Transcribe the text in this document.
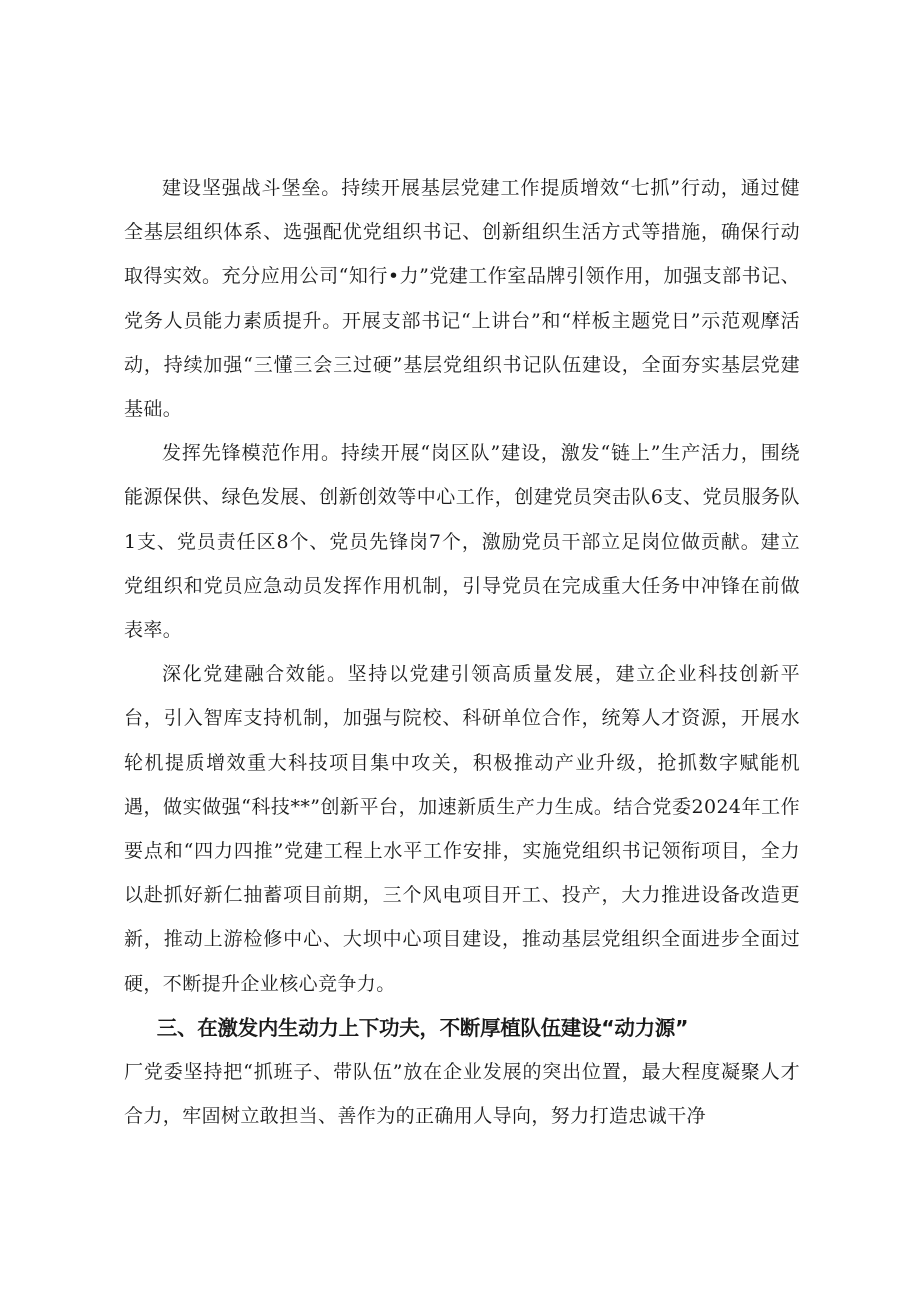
建设坚强战斗堡垒。持续开展基层党建工作提质增效“七抓”行动，通过健全基层组织体系、选强配优党组织书记、创新组织生活方式等措施，确保行动取得实效。充分应用公司“知行•力”党建工作室品牌引领作用，加强支部书记、党务人员能力素质提升。开展支部书记“上讲台”和“样板主题党日”示范观摩活动，持续加强“三懂三会三过硬”基层党组织书记队伍建设，全面夯实基层党建基础。

发挥先锋模范作用。持续开展“岗区队”建设，激发“链上”生产活力，围绕能源保供、绿色发展、创新创效等中心工作，创建党员突击队6支、党员服务队1支、党员责任区8个、党员先锋岗7个，激励党员干部立足岗位做贡献。建立党组织和党员应急动员发挥作用机制，引导党员在完成重大任务中冲锋在前做表率。

深化党建融合效能。坚持以党建引领高质量发展，建立企业科技创新平台，引入智库支持机制，加强与院校、科研单位合作，统筹人才资源，开展水轮机提质增效重大科技项目集中攻关，积极推动产业升级，抢抓数字赋能机遇，做实做强“科技**”创新平台，加速新质生产力生成。结合党委2024年工作要点和“四力四推”党建工程上水平工作安排，实施党组织书记领衔项目，全力以赴抓好新仁抽蓄项目前期，三个风电项目开工、投产，大力推进设备改造更新，推动上游检修中心、大坝中心项目建设，推动基层党组织全面进步全面过硬，不断提升企业核心竞争力。

三、在激发内生动力上下功夫，不断厚植队伍建设“动力源”

厂党委坚持把“抓班子、带队伍”放在企业发展的突出位置，最大程度凝聚人才合力，牢固树立敢担当、善作为的正确用人导向，努力打造忠诚干净
